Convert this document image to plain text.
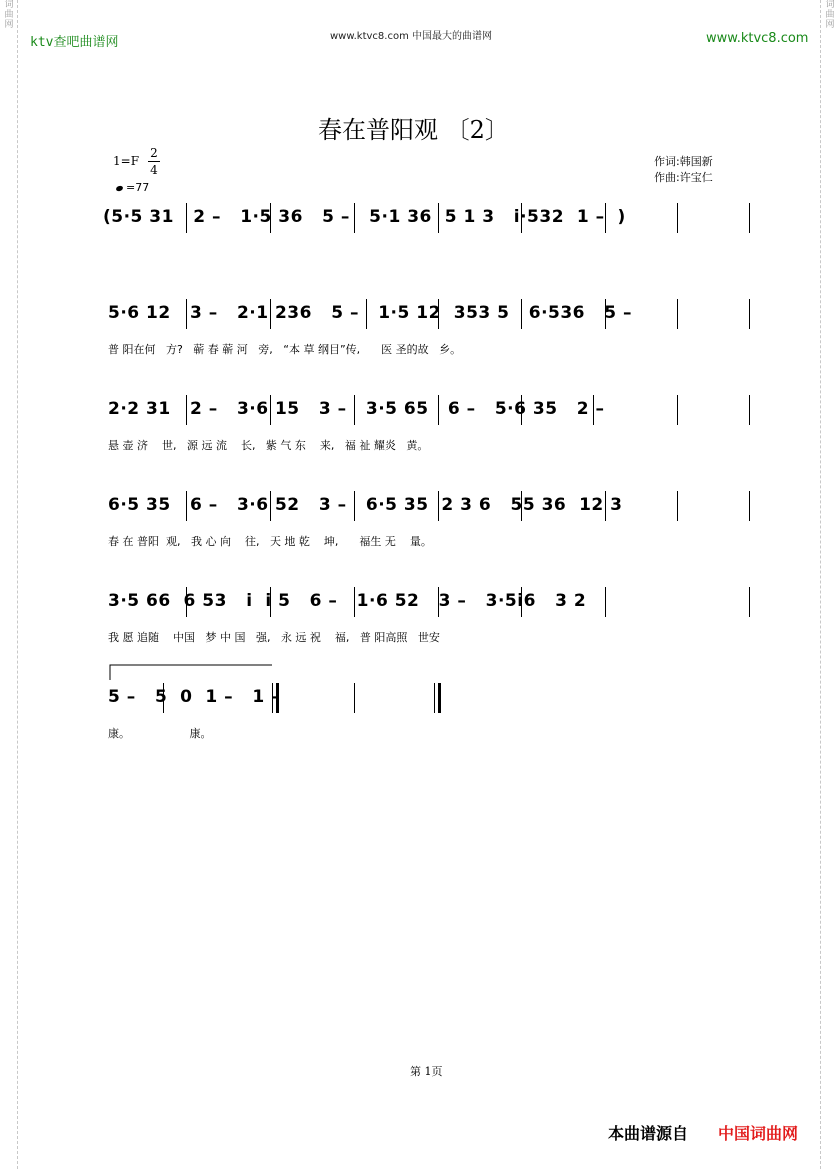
词
曲
网
词
曲
网
ktv查吧曲谱网	www.ktvc8.com 中国最大的曲谱网	www.ktvc8.com
春在普阳观 〔2〕
1=F
2
4
=77
作词:韩国新
作曲:许宝仁
(5·5 31   2 –   1·5 36   5 –   5·1 36  5 1 3   i·532  1 –  )
5·6 12   3 –   2·1 236   5 –   1·5 12  353 5   6·536   5 –
普 阳在何   方?   蕲 春 蕲 河   旁,   “本 草 纲目”传,      医 圣的故   乡。
2·2 31   2 –   3·6 15   3 –   3·5 65   6 –   5·6 35   2 –
悬 壶 济    世,   源 远 流    长,   紫 气 东    来,   福 祉 耀炎   黄。
6·5 35   6 –   3·6 52   3 –   6·5 35  2 3 6   55 36  12 3
春 在 普阳  观,   我 心 向    往,   天 地 乾    坤,      福生 无    量。
3·5 66  6 53   i  i 5   6 –   1·6 52   3 –   3·5i6   3 2
我 愿 追随    中国   梦 中 国   强,   永 远 祝    福,   普 阳高照   世安
5 –   5  0  1 –   1 –
康。                 康。
第 1页
本曲谱源自 中国词曲网
